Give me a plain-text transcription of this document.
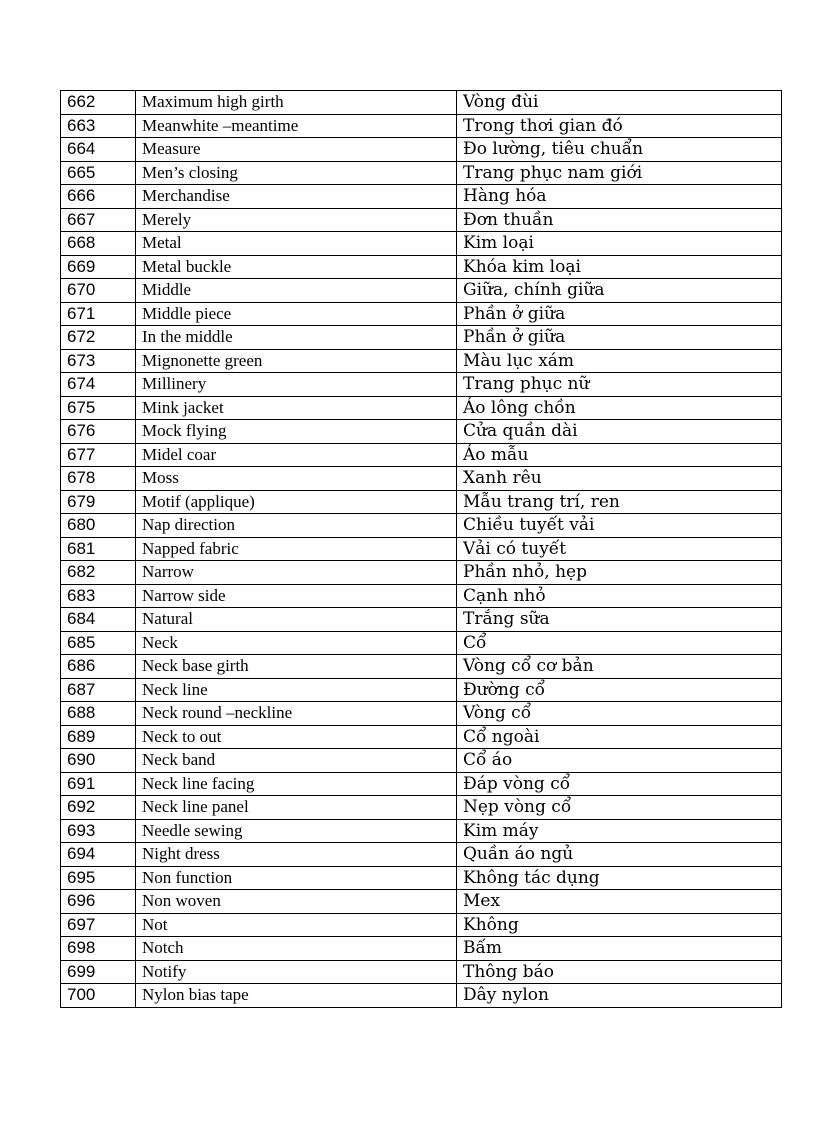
662	Maximum high girth	Vòng đùi
663	Meanwhite –meantime	Trong thơi gian đó
664	Measure	Đo lường, tiêu chuẩn
665	Men’s closing	Trang phục nam giới
666	Merchandise	Hàng hóa
667	Merely	Đơn thuần
668	Metal	Kim loại
669	Metal buckle	Khóa kim loại
670	Middle	Giữa, chính giữa
671	Middle piece	Phần ở giữa
672	In the middle	Phần ở giữa
673	Mignonette green	Màu lục xám
674	Millinery	Trang phục nữ
675	Mink jacket	Áo lông chồn
676	Mock flying	Cửa quần dài
677	Midel coar	Áo mẫu
678	Moss	Xanh rêu
679	Motif (applique)	Mẫu trang trí, ren
680	Nap direction	Chiều tuyết vải
681	Napped fabric	Vải có tuyết
682	Narrow	Phần nhỏ, hẹp
683	Narrow side	Cạnh nhỏ
684	Natural	Trắng sữa
685	Neck	Cổ
686	Neck base girth	Vòng cổ cơ bản
687	Neck line	Đường cổ
688	Neck round –neckline	Vòng cổ
689	Neck to out	Cổ ngoài
690	Neck band	Cổ áo
691	Neck line facing	Đáp vòng cổ
692	Neck line panel	Nẹp vòng cổ
693	Needle sewing	Kim máy
694	Night dress	Quần áo ngủ
695	Non function	Không tác dụng
696	Non woven	Mex
697	Not	Không
698	Notch	Bấm
699	Notify	Thông báo
700	Nylon bias tape	Dây nylon
